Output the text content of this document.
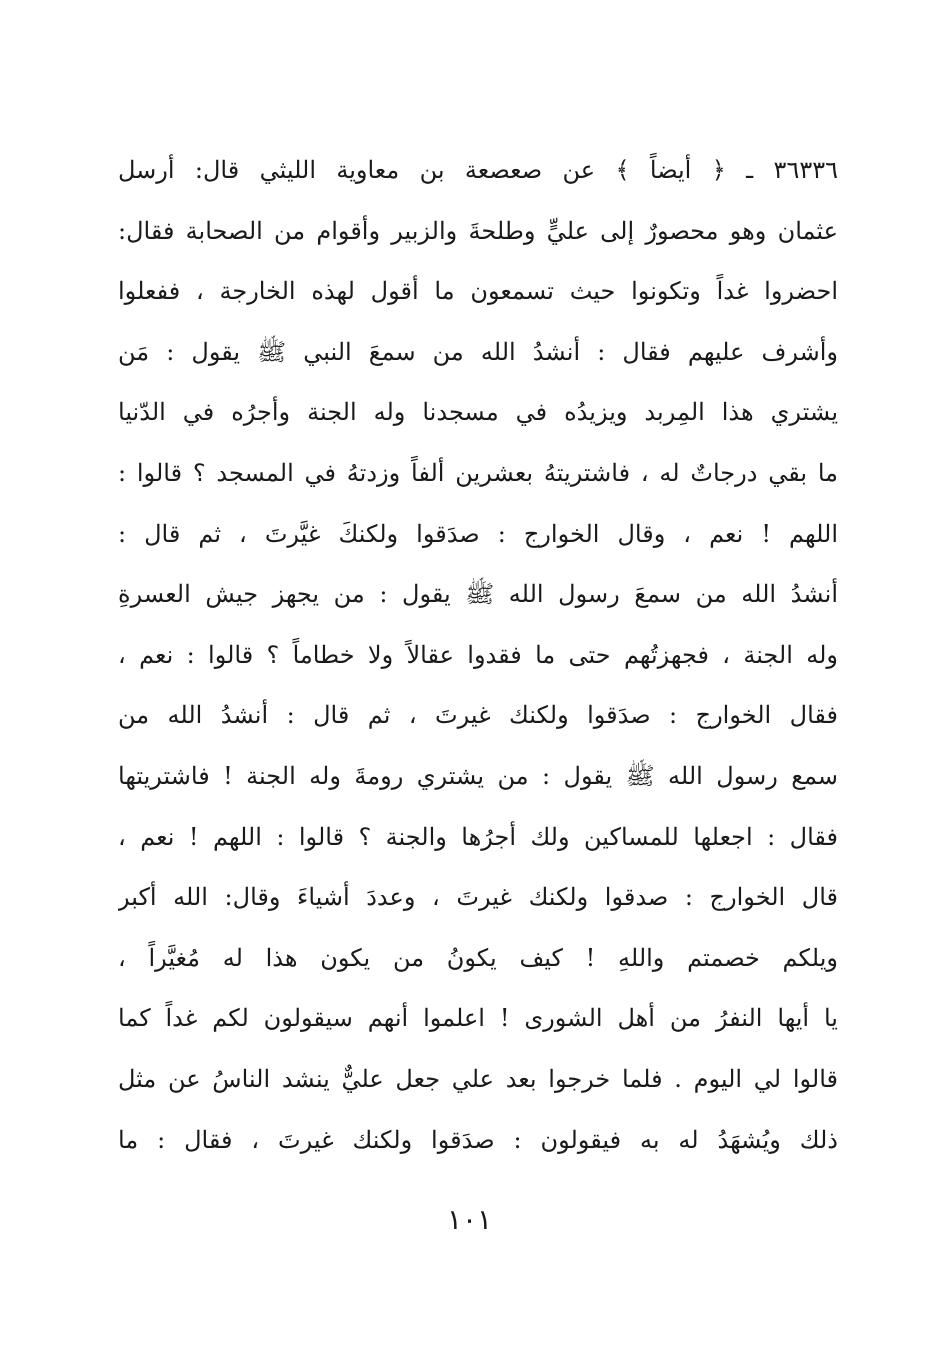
٣٦٣٣٦ ـ ﴿ أيضاً ﴾ عن صعصعة بن معاوية الليثي قال: أرسل
عثمان وهو محصورٌ إلى عليٍّ وطلحةَ والزبير وأقوام من الصحابة فقال:
احضروا غداً وتكونوا حيث تسمعون ما أقول لهذه الخارجة ، ففعلوا
وأشرف عليهم فقال : أنشدُ الله من سمعَ النبي ﷺ يقول : مَن
يشتري هذا المِربد ويزيدُه في مسجدنا وله الجنة وأجرُه في الدّنيا
ما بقي درجاتٌ له ، فاشتريتهُ بعشرين ألفاً وزدتهُ في المسجد ؟ قالوا :
اللهم ! نعم ، وقال الخوارج : صدَقوا ولكنكَ غيَّرتَ ، ثم قال :
أنشدُ الله من سمعَ رسول الله ﷺ يقول : من يجهز جيش العسرةِ
وله الجنة ، فجهزتُهم حتى ما فقدوا عقالاً ولا خطاماً ؟ قالوا : نعم ،
فقال الخوارج : صدَقوا ولكنك غيرتَ ، ثم قال : أنشدُ الله من
سمع رسول الله ﷺ يقول : من يشتري رومةَ وله الجنة ! فاشتريتها
فقال : اجعلها للمساكين ولك أجرُها والجنة ؟ قالوا : اللهم ! نعم ،
قال الخوارج : صدقوا ولكنك غيرتَ ، وعددَ أشياءَ وقال: الله أكبر
ويلكم خصمتم واللهِ ! كيف يكونُ من يكون هذا له مُغيَّراً ،
يا أيها النفرُ من أهل الشورى ! اعلموا أنهم سيقولون لكم غداً كما
قالوا لي اليوم . فلما خرجوا بعد علي جعل عليٌّ ينشد الناسُ عن مثل
ذلك ويُشهَدُ له به فيقولون : صدَقوا ولكنك غيرتَ ، فقال : ما
١٠١
